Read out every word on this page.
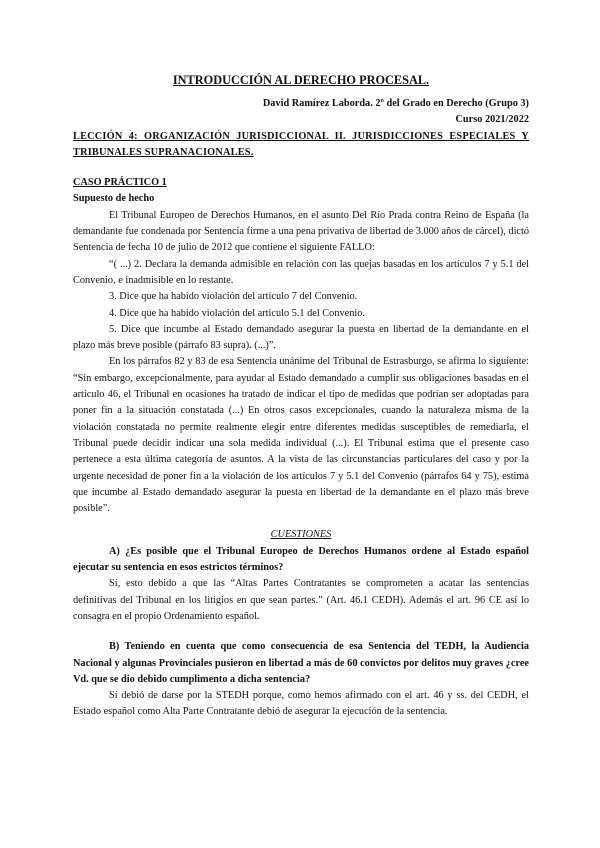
INTRODUCCIÓN AL DERECHO PROCESAL.

David Ramírez Laborda. 2º del Grado en Derecho (Grupo 3)

Curso 2021/2022

LECCIÓN 4: ORGANIZACIÓN JURISDICCIONAL II. JURISDICCIONES ESPECIALES Y TRIBUNALES SUPRANACIONALES.

CASO PRÁCTICO 1

Supuesto de hecho

El Tribunal Europeo de Derechos Humanos, en el asunto Del Río Prada contra Reino de España (la demandante fue condenada por Sentencia firme a una pena privativa de libertad de 3.000 años de cárcel), dictó Sentencia de fecha 10 de julio de 2012 que contiene el siguiente FALLO:

“( ...) 2. Declara la demanda admisible en relación con las quejas basadas en los artículos 7 y 5.1 del Convenio, e inadmisible en lo restante.

3. Dice que ha habido violación del artículo 7 del Convenio.

4. Dice que ha habido violación del artículo 5.1 del Convenio.

5. Dice que incumbe al Estado demandado asegurar la puesta en libertad de la demandante en el plazo más breve posible (párrafo 83 supra). (...)”.

En los párrafos 82 y 83 de esa Sentencia unánime del Tribunal de Estrasburgo, se afirma lo siguiente: “Sin embargo, excepcionalmente, para ayudar al Estado demandado a cumplir sus obligaciones basadas en el artículo 46, el Tribunal en ocasiones ha tratado de indicar el tipo de medidas que podrían ser adoptadas para poner fin a la situación constatada (...) En otros casos excepcionales, cuando la naturaleza misma de la violación constatada no permite realmente elegir entre diferentes medidas susceptibles de remediarla, el Tribunal puede decidir indicar una sola medida individual (...). El Tribunal estima que el presente caso pertenece a esta última categoría de asuntos. A la vista de las circunstancias particulares del caso y por la urgente necesidad de poner fin a la violación de los artículos 7 y 5.1 del Convenio (párrafos 64 y 75), estima que incumbe al Estado demandado asegurar la puesta en libertad de la demandante en el plazo más breve posible”.

CUESTIONES

A) ¿Es posible que el Tribunal Europeo de Derechos Humanos ordene al Estado español ejecutar su sentencia en esos estrictos términos?

Sí, esto debido a que las “Altas Partes Contratantes se comprometen a acatar las sentencias definitivas del Tribunal en los litigios en que sean partes.” (Art. 46.1 CEDH). Además el art. 96 CE así lo consagra en el propio Ordenamiento español.

B) Teniendo en cuenta que como consecuencia de esa Sentencia del TEDH, la Audiencia Nacional y algunas Provinciales pusieron en libertad a más de 60 convictos por delitos muy graves ¿cree Vd. que se dio debido cumplimento a dicha sentencia?

Sí debió de darse por la STEDH porque, como hemos afirmado con el art. 46 y ss. del CEDH, el Estado español como Alta Parte Contratante debió de asegurar la ejecución de la sentencia.
